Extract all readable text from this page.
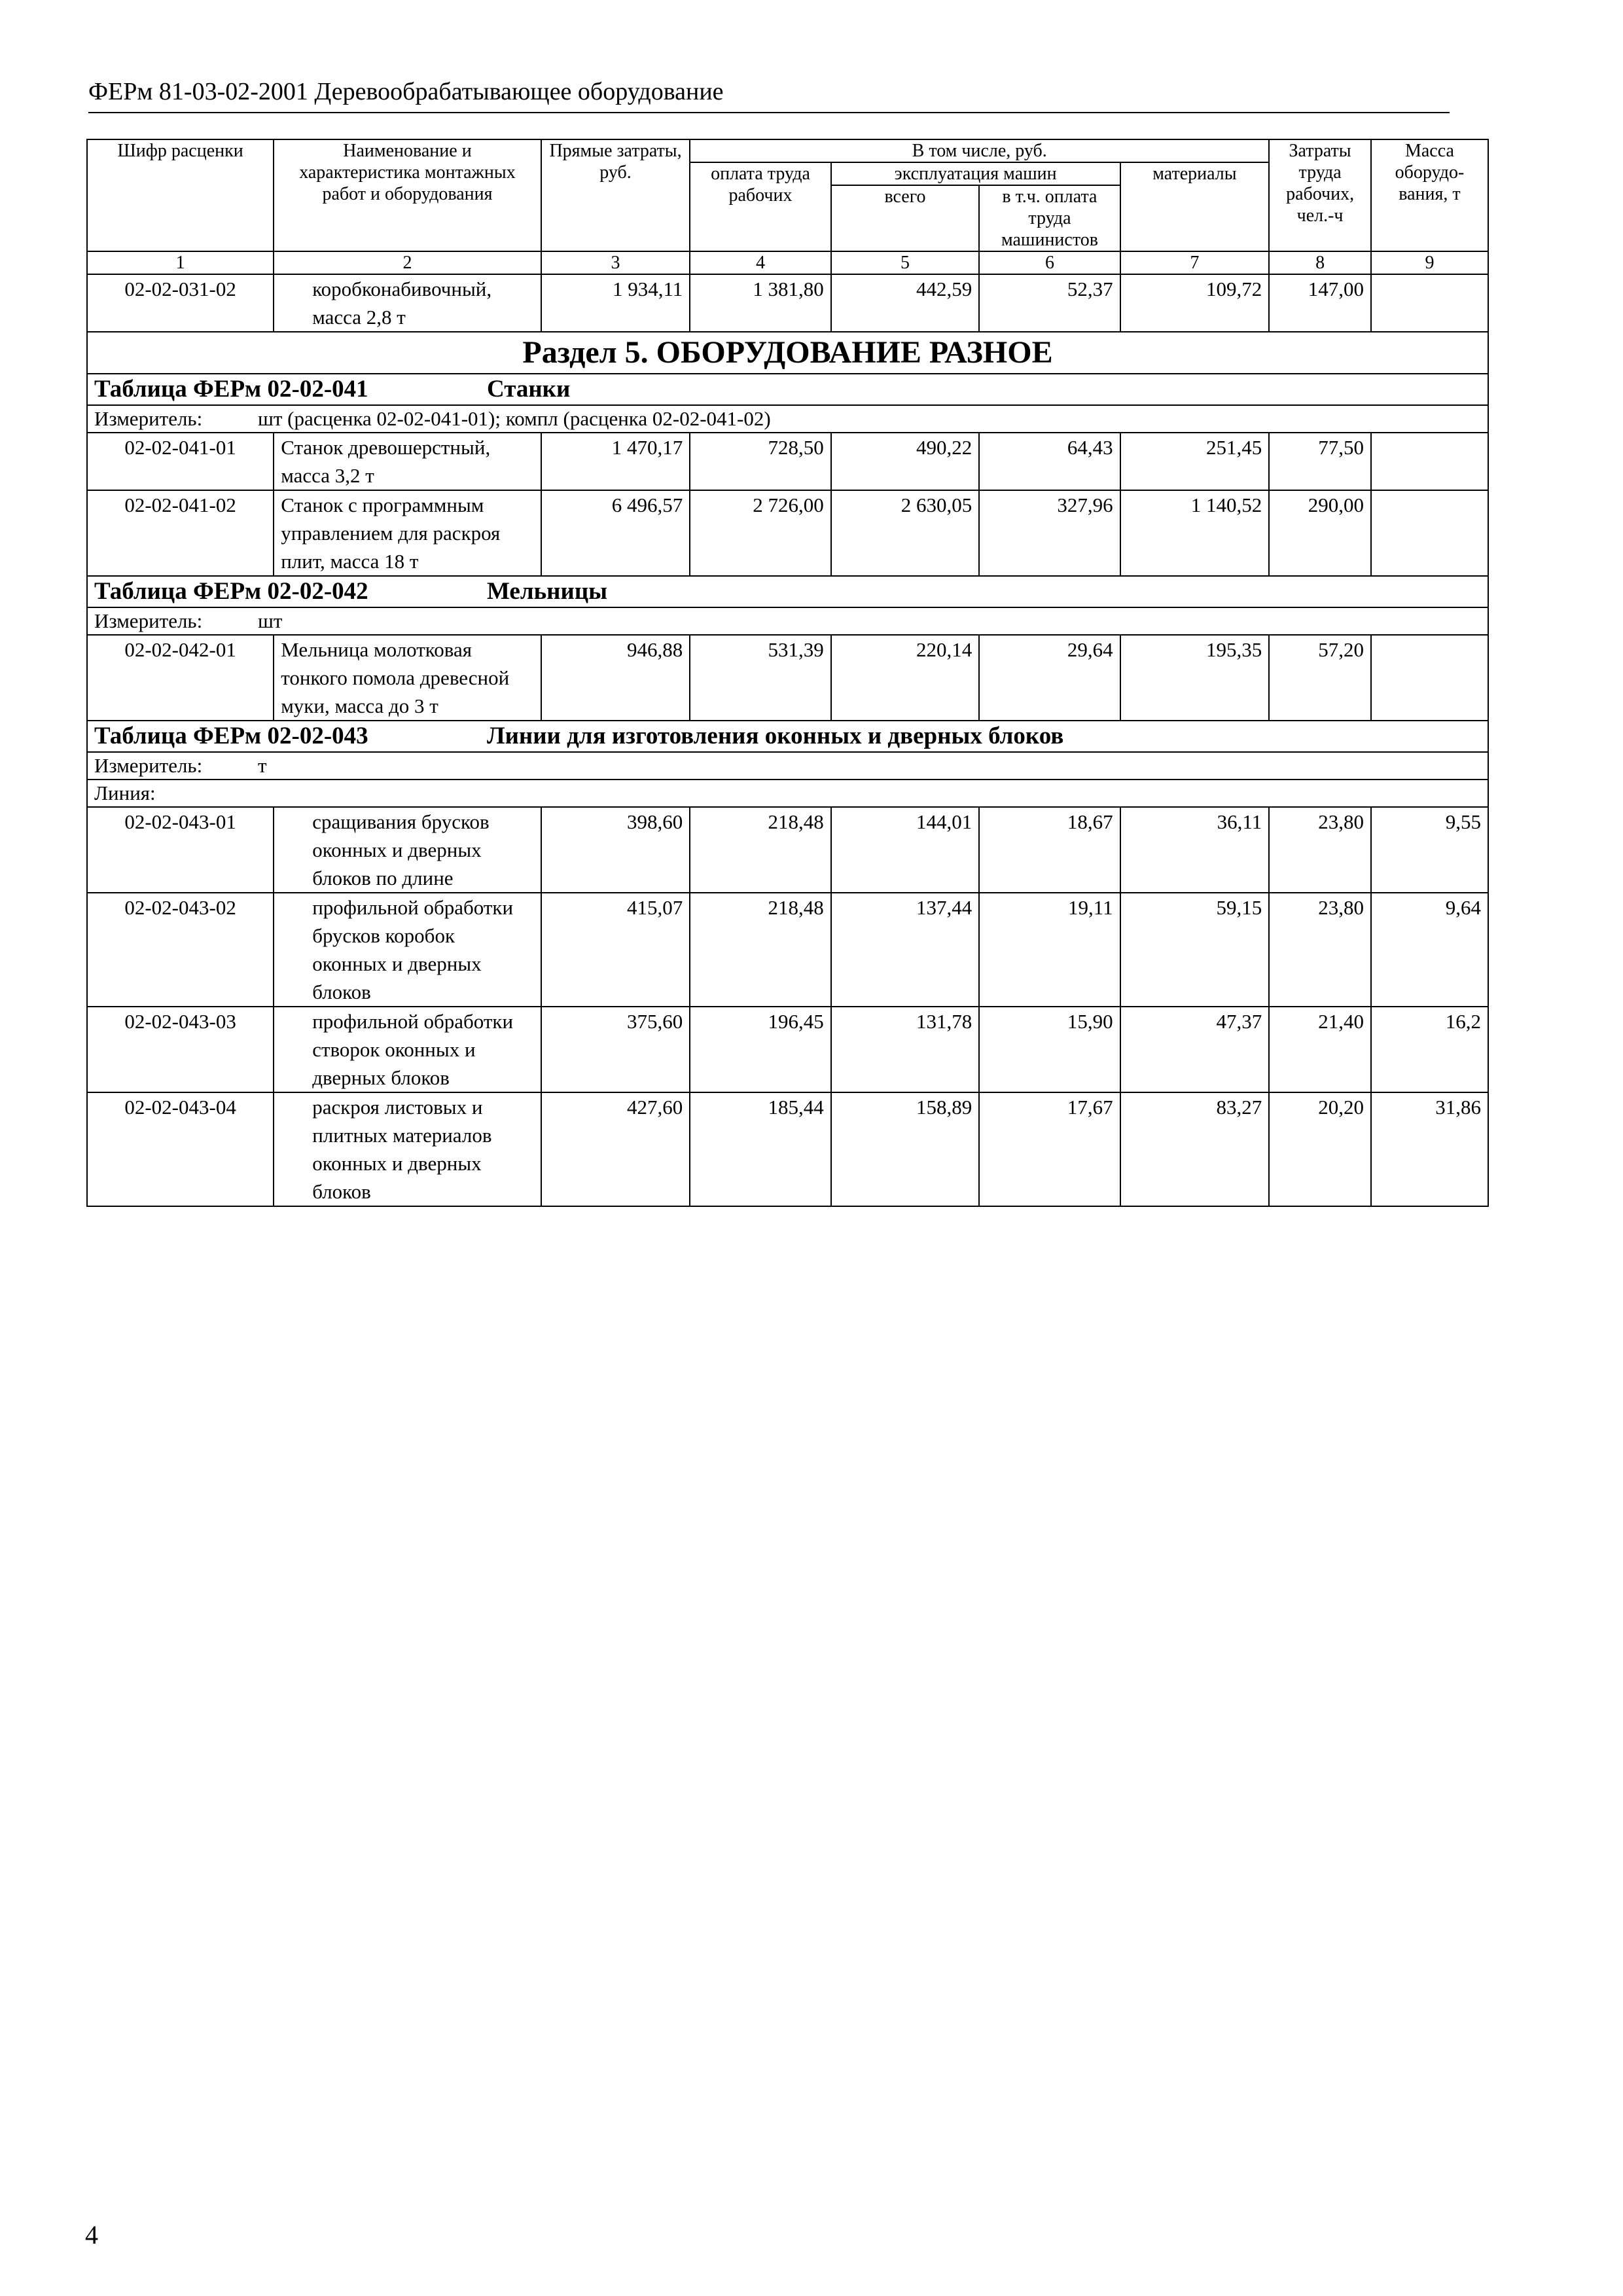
ФЕРм 81-03-02-2001 Деревообрабатывающее оборудование
Шифр расценки	Наименование и характеристика монтажных работ и оборудования	Прямые затраты, руб.	В том числе, руб.				Затраты труда рабочих, чел.-ч	Масса оборудо-вания, т
			оплата труда рабочих	эксплуатация машин		материалы		
				всего	в т.ч. оплата труда машинистов			
1	2	3	4	5	6	7	8	9
02-02-031-02	коробконабивочный, масса 2,8 т	1 934,11	1 381,80	442,59	52,37	109,72	147,00	
Раздел 5. ОБОРУДОВАНИЕ РАЗНОЕ								
Таблица ФЕРм 02-02-041 Станки								
Измеритель: шт (расценка 02-02-041-01); компл (расценка 02-02-041-02)								
02-02-041-01	Станок древошерстный, масса 3,2 т	1 470,17	728,50	490,22	64,43	251,45	77,50	
02-02-041-02	Станок с программным управлением для раскроя плит, масса 18 т	6 496,57	2 726,00	2 630,05	327,96	1 140,52	290,00	
Таблица ФЕРм 02-02-042 Мельницы								
Измеритель: шт								
02-02-042-01	Мельница молотковая тонкого помола древесной муки, масса до 3 т	946,88	531,39	220,14	29,64	195,35	57,20	
Таблица ФЕРм 02-02-043 Линии для изготовления оконных и дверных блоков								
Измеритель: т								
Линия:								
02-02-043-01	сращивания брусков оконных и дверных блоков по длине	398,60	218,48	144,01	18,67	36,11	23,80	9,55
02-02-043-02	профильной обработки брусков коробок оконных и дверных блоков	415,07	218,48	137,44	19,11	59,15	23,80	9,64
02-02-043-03	профильной обработки створок оконных и дверных блоков	375,60	196,45	131,78	15,90	47,37	21,40	16,2
02-02-043-04	раскроя листовых и плитных материалов оконных и дверных блоков	427,60	185,44	158,89	17,67	83,27	20,20	31,86
4
